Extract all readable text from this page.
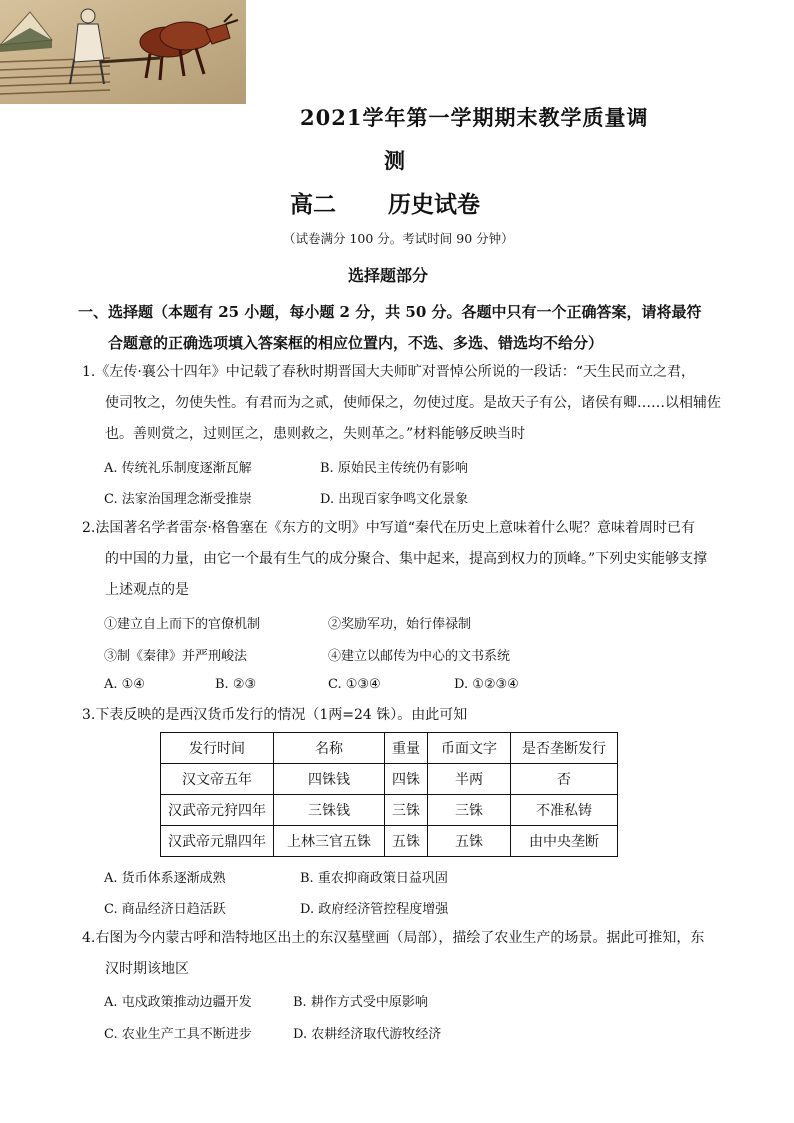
2021学年第一学期期末教学质量调
测
高二 历史试卷
（试卷满分 100 分。考试时间 90 分钟）
选择题部分
一、选择题（本题有 25 小题，每小题 2 分，共 50 分。各题中只有一个正确答案，请将最符
合题意的正确选项填入答案框的相应位置内，不选、多选、错选均不给分）
1.《左传·襄公十四年》中记载了春秋时期晋国大夫师旷对晋悼公所说的一段话：“天生民而立之君，
使司牧之，勿使失性。有君而为之贰，使师保之，勿使过度。是故天子有公，诸侯有卿……以相辅佐
也。善则赏之，过则匡之，患则救之，失则革之。”材料能够反映当时
A. 传统礼乐制度逐渐瓦解	B. 原始民主传统仍有影响
C. 法家治国理念渐受推崇	D. 出现百家争鸣文化景象
2.法国著名学者雷奈·格鲁塞在《东方的文明》中写道“秦代在历史上意味着什么呢？意味着周时已有
的中国的力量，由它一个最有生气的成分聚合、集中起来，提高到权力的顶峰。”下列史实能够支撑
上述观点的是
①建立自上而下的官僚机制	②奖励军功，始行俸禄制
③制《秦律》并严刑峻法	④建立以邮传为中心的文书系统
A. ①④	B. ②③	C. ①③④	D. ①②③④
3.下表反映的是西汉货币发行的情况（1两=24 铢）。由此可知
发行时间	名称	重量	币面文字	是否垄断发行
汉文帝五年	四铢钱	四铢	半两	否
汉武帝元狩四年	三铢钱	三铢	三铢	不准私铸
汉武帝元鼎四年	上林三官五铢	五铢	五铢	由中央垄断
A. 货币体系逐渐成熟	B. 重农抑商政策日益巩固
C. 商品经济日趋活跃	D. 政府经济管控程度增强
4.右图为今内蒙古呼和浩特地区出土的东汉墓壁画（局部），描绘了农业生产的场景。据此可推知，东
汉时期该地区
A. 屯戍政策推动边疆开发	B. 耕作方式受中原影响
C. 农业生产工具不断进步	D. 农耕经济取代游牧经济
